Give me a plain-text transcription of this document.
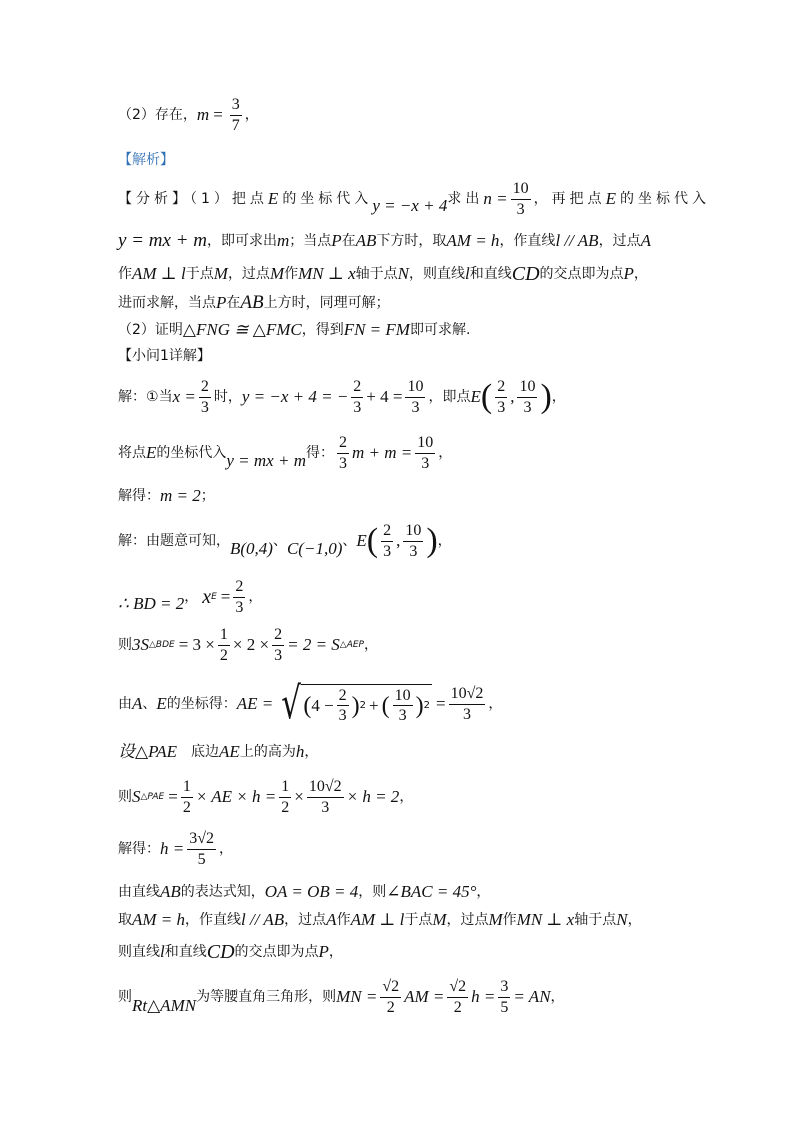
（2）存在， $m = \frac{3}{7}$ ，
【解析】
【分析】（1）把点 E 的坐标代入 y = −x + 4 求出 $n = \frac{10}{3}$ ，再把点 E 的坐标代入
y = mx + m ，即可求出 m ；当点 P 在 AB 下方时，取 AM = h ，作直线 l // AB ，过点 A
作 AM ⊥ l 于点 M ，过点 M 作 MN ⊥ x 轴于点 N ，则直线 l 和直线 CD 的交点即为点 P ，
进而求解，当点 P 在 AB 上方时，同理可解；
（2）证明 △FNG ≅ △FMC ，得到 FN = FM 即可求解.
【小问1详解】
解： ① 当 $x = \frac{2}{3}$ 时， y = −x + 4 = − $\frac{2}{3} + 4 = \frac{10}{3}$ ，即点 E ( $\frac{2}{3}$ , $\frac{10}{3}$ ) ，
将点 E 的坐标代入 y = mx + m 得： $\frac{2}{3}$ $m + m = \frac{10}{3}$ ，
解得： m = 2 ；
解：由题意可知， B(0,4) 、 C(−1,0) 、 E ( $\frac{2}{3}$ , $\frac{10}{3}$ ) ，
∴ BD = 2 ， x $E = \frac{2}{3}$ ，
则 3S △BDE = $3 \times \frac{1}{2} \times 2 \times \frac{2}{3} = 2 = S$ △AEP ，
由 A 、 E 的坐标得： AE = √ ( $4 - \frac{2}{3}$ ) 2 + ( $\frac{10}{3}$ ) $2 = \frac{10√2}{3}$ ，
设△PAE 底边 AE 上的高为 h ，
则 S △PAE = $\frac{1}{2}$ × AE × $h = \frac{1}{2} \times \frac{10√2}{3} \times h = 2$ ，
解得： $h = \frac{3√2}{5}$ ，
由直线 AB 的表达式知， OA = OB = 4 ，则 ∠BAC = 45° ，
取 AM = h ，作直线 l // AB ，过点 A 作 AM ⊥ l 于点 M ，过点 M 作 MN ⊥ x 轴于点 N ，
则直线 l 和直线 CD 的交点即为点 P ，
则 Rt△AMN 为等腰直角三角形，则 MN = $\frac{√2}{2}$ AM = $\frac{√2}{2}$ $h = \frac{3}{5}$ = AN ，
